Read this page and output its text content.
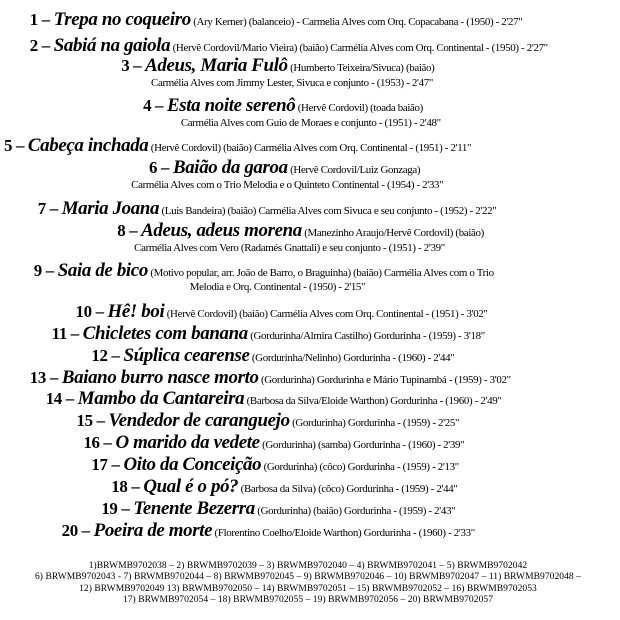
1 – Trepa no coqueiro (Ary Kerner) (balanceio) - Carmelia Alves com Orq. Copacabana - (1950) - 2'27"
2 – Sabiá na gaiola (Hervê Cordovil/Mario Vieira) (baião) Carmélia Alves com Orq. Continental - (1950) - 2'27"
3 – Adeus, Maria Fulô (Humberto Teixeira/Sivuca) (baião)
Carmélia Alves com Jimmy Lester, Sivuca e conjunto - (1953) - 2'47"
4 – Esta noite serenô (Hervê Cordovil) (toada baião)
Carmélia Alves com Guio de Moraes e conjunto - (1951) - 2'48"
5 – Cabeça inchada (Hervê Cordovil) (baião) Carmélia Alves com Orq. Continental - (1951) - 2'11"
6 – Baião da garoa (Hervê Cordovil/Luiz Gonzaga)
Carmélia Alves com o Trio Melodia e o Quinteto Continental - (1954) - 2'33"
7 – Maria Joana (Luis Bandeira) (baião) Carmélia Alves com Sivuca e seu conjunto - (1952) - 2'22"
8 – Adeus, adeus morena (Manezinho Araujo/Hervê Cordovil) (baião)
Carmélia Alves com Vero (Radamés Gnattali) e seu conjunto - (1951) - 2'39"
9 – Saia de bico (Motivo popular, arr. João de Barro, o Braguinha) (baião) Carmélia Alves com o Trio
Melodia e Orq. Continental - (1950) - 2'15"
10 – Hê! boi (Hervê Cordovil) (baião) Carmélia Alves com Orq. Continental - (1951) - 3'02"
11 – Chicletes com banana (Gordurinha/Almira Castilho) Gordurinha - (1959) - 3'18"
12 – Súplica cearense (Gordurinha/Nelinho) Gordurinha - (1960) - 2'44"
13 – Baiano burro nasce morto (Gordurinha) Gordurinha e Mário Tupinambá - (1959) - 3'02"
14 – Mambo da Cantareira (Barbosa da Silva/Eloide Warthon) Gordurinha - (1960) - 2'49"
15 – Vendedor de caranguejo (Gordurinha) Gordurinha - (1959) - 2'25"
16 – O marido da vedete (Gordurinha) (samba) Gordurinha - (1960) - 2'39"
17 – Oito da Conceição (Gordurinha) (côco) Gordurinha - (1959) - 2'13"
18 – Qual é o pó? (Barbosa da Silva) (côco) Gordurinha - (1959) - 2'44"
19 – Tenente Bezerra (Gordurinha) (baião) Gordurinha - (1959) - 2'43"
20 – Poeira de morte (Florentino Coelho/Eloide Warthon) Gordurinha - (1960) - 2'33"
1)BRWMB9702038 – 2) BRWMB9702039 – 3) BRWMB9702040 – 4) BRWMB9702041 – 5) BRWMB9702042
6) BRWMB9702043 - 7) BRWMB9702044 – 8) BRWMB9702045 – 9) BRWMB9702046 – 10) BRWMB9702047 – 11) BRWMB9702048 –
12) BRWMB9702049 13) BRWMB9702050 – 14) BRWMB9702051 – 15) BRWMB9702052 – 16) BRWMB9702053
17) BRWMB9702054 – 18) BRWMB9702055 – 19) BRWMB9702056 – 20) BRWMB9702057
